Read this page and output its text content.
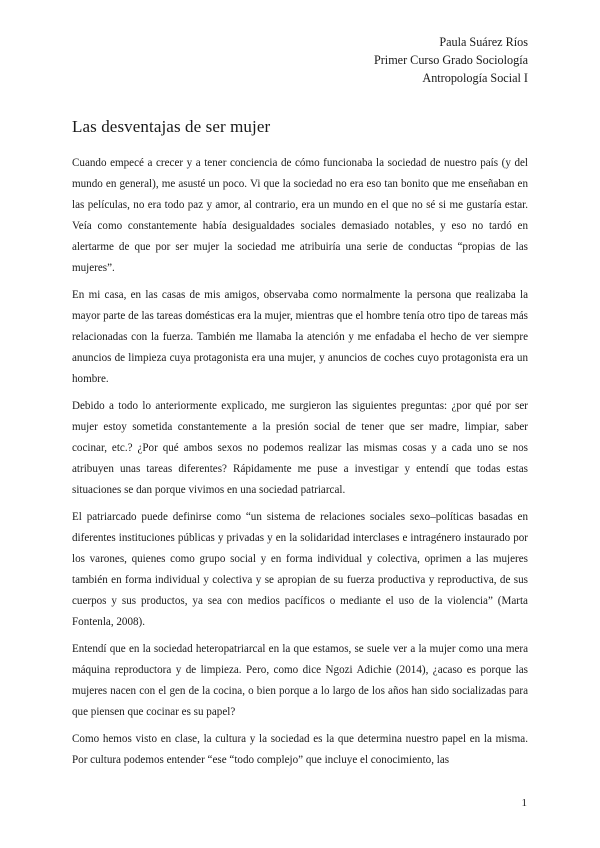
Paula Suárez Ríos
Primer Curso Grado Sociología
Antropología Social I
Las desventajas de ser mujer

Cuando empecé a crecer y a tener conciencia de cómo funcionaba la sociedad de nuestro país (y del mundo en general), me asusté un poco. Vi que la sociedad no era eso tan bonito que me enseñaban en las películas, no era todo paz y amor, al contrario, era un mundo en el que no sé si me gustaría estar. Veía como constantemente había desigualdades sociales demasiado notables, y eso no tardó en alertarme de que por ser mujer la sociedad me atribuiría una serie de conductas “propias de las mujeres”.

En mi casa, en las casas de mis amigos, observaba como normalmente la persona que realizaba la mayor parte de las tareas domésticas era la mujer, mientras que el hombre tenía otro tipo de tareas más relacionadas con la fuerza. También me llamaba la atención y me enfadaba el hecho de ver siempre anuncios de limpieza cuya protagonista era una mujer, y anuncios de coches cuyo protagonista era un hombre.

Debido a todo lo anteriormente explicado, me surgieron las siguientes preguntas: ¿por qué por ser mujer estoy sometida constantemente a la presión social de tener que ser madre, limpiar, saber cocinar, etc.? ¿Por qué ambos sexos no podemos realizar las mismas cosas y a cada uno se nos atribuyen unas tareas diferentes? Rápidamente me puse a investigar y entendí que todas estas situaciones se dan porque vivimos en una sociedad patriarcal.

El patriarcado puede definirse como “un sistema de relaciones sociales sexo–políticas basadas en diferentes instituciones públicas y privadas y en la solidaridad interclases e intragénero instaurado por los varones, quienes como grupo social y en forma individual y colectiva, oprimen a las mujeres también en forma individual y colectiva y se apropian de su fuerza productiva y reproductiva, de sus cuerpos y sus productos, ya sea con medios pacíficos o mediante el uso de la violencia” (Marta Fontenla, 2008).

Entendí que en la sociedad heteropatriarcal en la que estamos, se suele ver a la mujer como una mera máquina reproductora y de limpieza. Pero, como dice Ngozi Adichie (2014), ¿acaso es porque las mujeres nacen con el gen de la cocina, o bien porque a lo largo de los años han sido socializadas para que piensen que cocinar es su papel?

Como hemos visto en clase, la cultura y la sociedad es la que determina nuestro papel en la misma. Por cultura podemos entender “ese “todo complejo” que incluye el conocimiento, las

1
